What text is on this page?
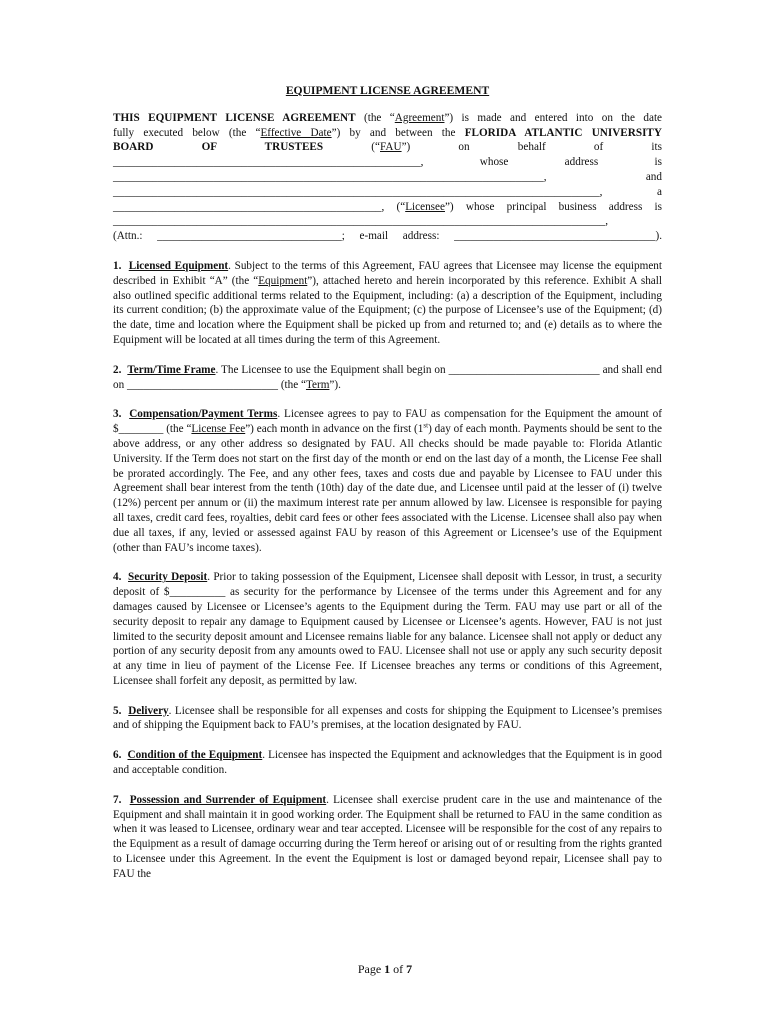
EQUIPMENT LICENSE AGREEMENT

THIS EQUIPMENT LICENSE AGREEMENT (the “Agreement”) is made and entered into on the date
fully executed below (the “Effective Date”) by and between the FLORIDA ATLANTIC UNIVERSITY
BOARD OF TRUSTEES (“FAU”) on behalf of its
_______________________________________________________, whose address is
_____________________________________________________________________________, and
_______________________________________________________________________________________, a
________________________________________________, (“Licensee”) whose principal business address is
________________________________________________________________________________________,
(Attn.: _________________________________; e-mail address: ____________________________________).

1. Licensed Equipment. Subject to the terms of this Agreement, FAU agrees that Licensee may license the equipment described in Exhibit “A” (the “Equipment”), attached hereto and herein incorporated by this reference. Exhibit A shall also outlined specific additional terms related to the Equipment, including: (a) a description of the Equipment, including its current condition; (b) the approximate value of the Equipment; (c) the purpose of Licensee’s use of the Equipment; (d) the date, time and location where the Equipment shall be picked up from and returned to; and (e) details as to where the Equipment will be located at all times during the term of this Agreement.

2. Term/Time Frame. The Licensee to use the Equipment shall begin on ___________________________ and shall end on ___________________________ (the “Term”).

3. Compensation/Payment Terms. Licensee agrees to pay to FAU as compensation for the Equipment the amount of $________ (the “License Fee”) each month in advance on the first (1st) day of each month. Payments should be sent to the above address, or any other address so designated by FAU. All checks should be made payable to: Florida Atlantic University. If the Term does not start on the first day of the month or end on the last day of a month, the License Fee shall be prorated accordingly. The Fee, and any other fees, taxes and costs due and payable by Licensee to FAU under this Agreement shall bear interest from the tenth (10th) day of the date due, and Licensee until paid at the lesser of (i) twelve (12%) percent per annum or (ii) the maximum interest rate per annum allowed by law. Licensee is responsible for paying all taxes, credit card fees, royalties, debit card fees or other fees associated with the License. Licensee shall also pay when due all taxes, if any, levied or assessed against FAU by reason of this Agreement or Licensee’s use of the Equipment (other than FAU’s income taxes).

4. Security Deposit. Prior to taking possession of the Equipment, Licensee shall deposit with Lessor, in trust, a security deposit of $__________ as security for the performance by Licensee of the terms under this Agreement and for any damages caused by Licensee or Licensee’s agents to the Equipment during the Term. FAU may use part or all of the security deposit to repair any damage to Equipment caused by Licensee or Licensee’s agents. However, FAU is not just limited to the security deposit amount and Licensee remains liable for any balance. Licensee shall not apply or deduct any portion of any security deposit from any amounts owed to FAU. Licensee shall not use or apply any such security deposit at any time in lieu of payment of the License Fee. If Licensee breaches any terms or conditions of this Agreement, Licensee shall forfeit any deposit, as permitted by law.

5. Delivery. Licensee shall be responsible for all expenses and costs for shipping the Equipment to Licensee’s premises and of shipping the Equipment back to FAU’s premises, at the location designated by FAU.

6. Condition of the Equipment. Licensee has inspected the Equipment and acknowledges that the Equipment is in good and acceptable condition.

7. Possession and Surrender of Equipment. Licensee shall exercise prudent care in the use and maintenance of the Equipment and shall maintain it in good working order. The Equipment shall be returned to FAU in the same condition as when it was leased to Licensee, ordinary wear and tear accepted. Licensee will be responsible for the cost of any repairs to the Equipment as a result of damage occurring during the Term hereof or arising out of or resulting from the rights granted to Licensee under this Agreement. In the event the Equipment is lost or damaged beyond repair, Licensee shall pay to FAU the

Page 1 of 7
